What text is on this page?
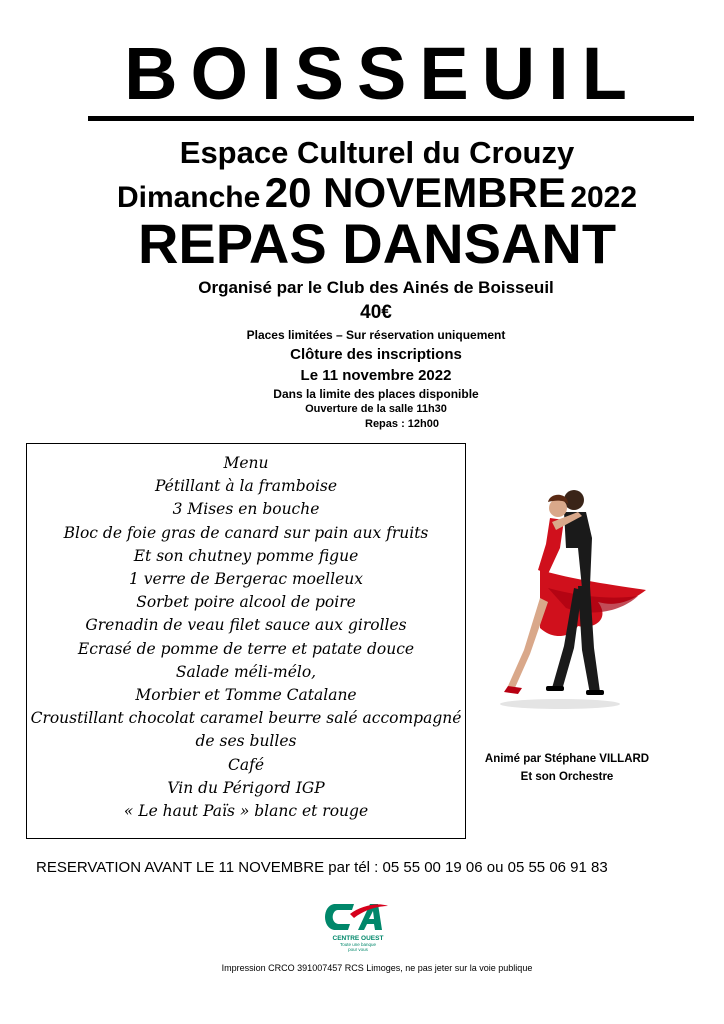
BOISSEUIL
Espace Culturel du Crouzy
Dimanche 20 NOVEMBRE 2022
REPAS DANSANT
Organisé par le Club des Ainés de Boisseuil
40€
Places limitées – Sur réservation uniquement
Clôture des inscriptions
Le 11 novembre 2022
Dans la limite des places disponible
Ouverture de la salle 11h30
Repas : 12h00
Menu
Pétillant à la framboise
3 Mises en bouche
Bloc de foie gras de canard sur pain aux fruits
Et son chutney pomme figue
1 verre de Bergerac moelleux
Sorbet poire alcool de poire
Grenadin de veau filet sauce aux girolles
Ecrasé de pomme de terre et patate douce
Salade méli-mélo,
Morbier et Tomme Catalane
Croustillant chocolat caramel beurre salé accompagné
de ses bulles
Café
Vin du Périgord IGP
« Le haut Païs » blanc et rouge
Animé par Stéphane VILLARD
Et son Orchestre
RESERVATION AVANT LE 11 NOVEMBRE par tél : 05 55 00 19 06 ou 05 55 06 91 83
CENTRE OUEST
Toute une banque
pour vous
Impression CRCO 391007457 RCS Limoges, ne pas jeter sur la voie publique
